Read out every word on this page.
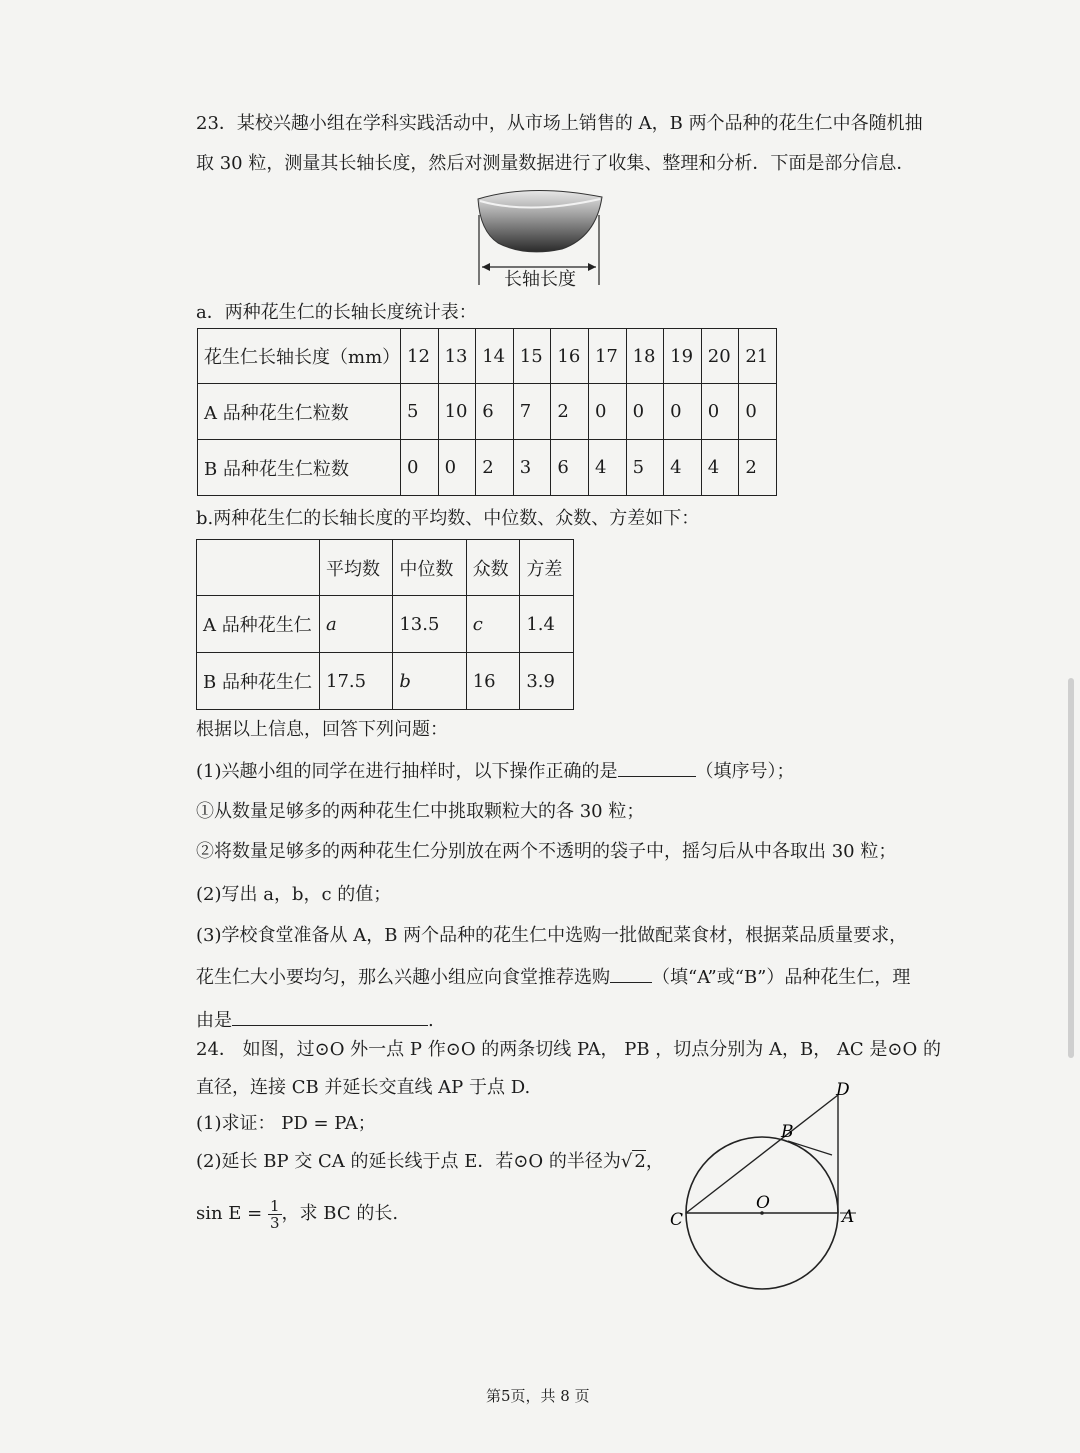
23．某校兴趣小组在学科实践活动中，从市场上销售的 A，B 两个品种的花生仁中各随机抽
取 30 粒，测量其长轴长度，然后对测量数据进行了收集、整理和分析．下面是部分信息．
长轴长度
a．两种花生仁的长轴长度统计表：
花生仁长轴长度（mm）	12	13	14	15	16	17	18	19	20	21
A 品种花生仁粒数	5	10	6	7	2	0	0	0	0	0
B 品种花生仁粒数	0	0	2	3	6	4	5	4	4	2
b.两种花生仁的长轴长度的平均数、中位数、众数、方差如下：
	平均数	中位数	众数	方差
A 品种花生仁	a	13.5	c	1.4
B 品种花生仁	17.5	b	16	3.9
根据以上信息，回答下列问题：
(1)兴趣小组的同学在进行抽样时，以下操作正确的是	（填序号）；
①从数量足够多的两种花生仁中挑取颗粒大的各 30 粒；
②将数量足够多的两种花生仁分别放在两个不透明的袋子中，摇匀后从中各取出 30 粒；
(2)写出 a，b，c 的值；
(3)学校食堂准备从 A，B 两个品种的花生仁中选购一批做配菜食材，根据菜品质量要求，
花生仁大小要均匀，那么兴趣小组应向食堂推荐选购 （填“A”或“B”）品种花生仁，理
由是	.
24． 如图，过⊙O 外一点 P 作⊙O 的两条切线 PA， PB ，切点分别为 A，B， AC 是⊙O 的
直径，连接 CB 并延长交直线 AP 于点 D.
(1)求证： PD = PA；
(2)延长 BP 交 CA 的延长线于点 E．若⊙O 的半径为√ 2，
$\sin E = \frac{1}{3}$ ，求 BC 的长.
D
B
C
O
A
第5页，共 8 页
